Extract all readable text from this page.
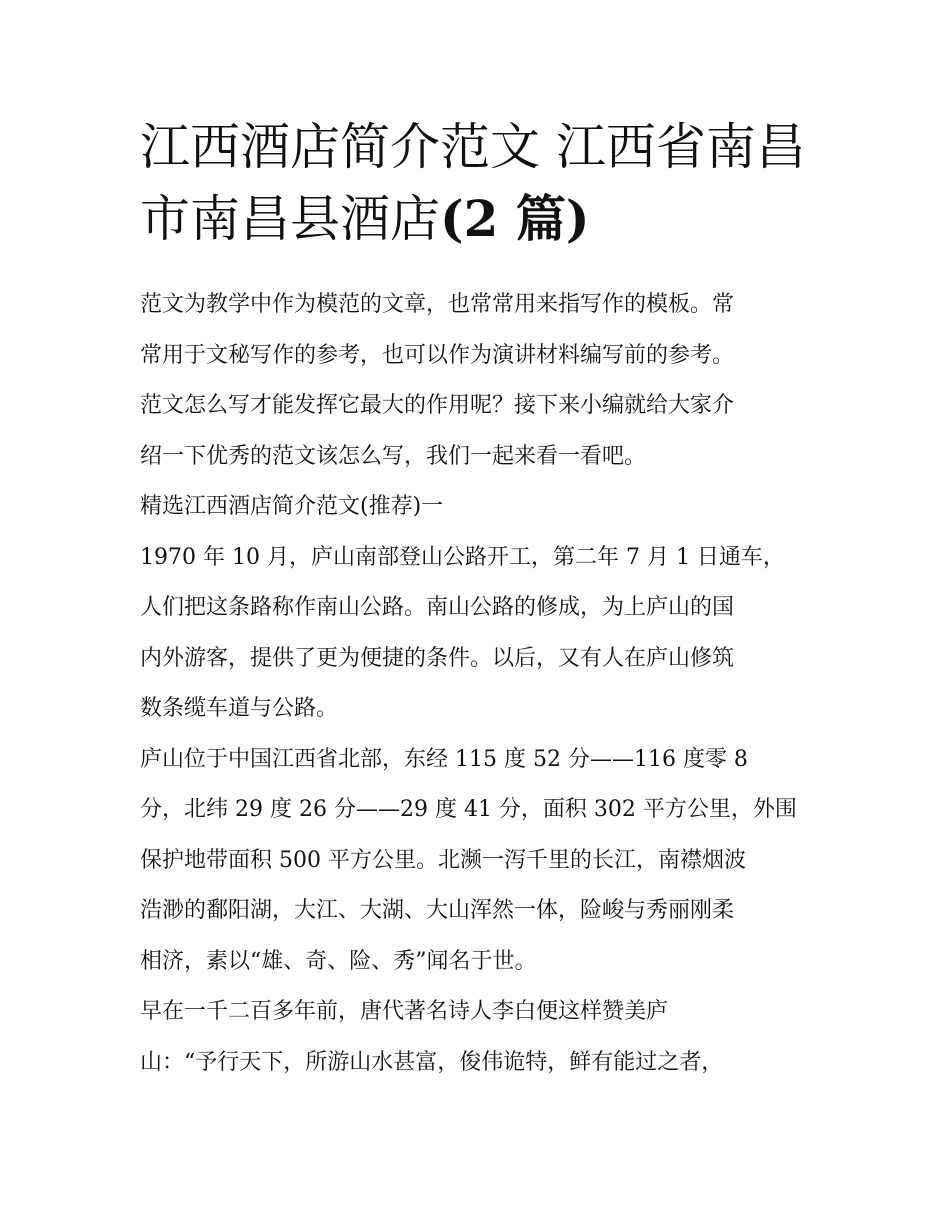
江西酒店简介范文 江西省南昌市南昌县酒店(2 篇)
范文为教学中作为模范的文章，也常常用来指写作的模板。常
常用于文秘写作的参考，也可以作为演讲材料编写前的参考。
范文怎么写才能发挥它最大的作用呢？接下来小编就给大家介
绍一下优秀的范文该怎么写，我们一起来看一看吧。
精选江西酒店简介范文(推荐)一
1970 年 10 月，庐山南部登山公路开工，第二年 7 月 1 日通车，
人们把这条路称作南山公路。南山公路的修成，为上庐山的国
内外游客，提供了更为便捷的条件。以后，又有人在庐山修筑
数条缆车道与公路。
庐山位于中国江西省北部，东经 115 度 52 分——116 度零 8
分，北纬 29 度 26 分——29 度 41 分，面积 302 平方公里，外围
保护地带面积 500 平方公里。北濒一泻千里的长江，南襟烟波
浩渺的鄱阳湖，大江、大湖、大山浑然一体，险峻与秀丽刚柔
相济，素以“雄、奇、险、秀”闻名于世。
早在一千二百多年前，唐代著名诗人李白便这样赞美庐
山：“予行天下，所游山水甚富，俊伟诡特，鲜有能过之者，
